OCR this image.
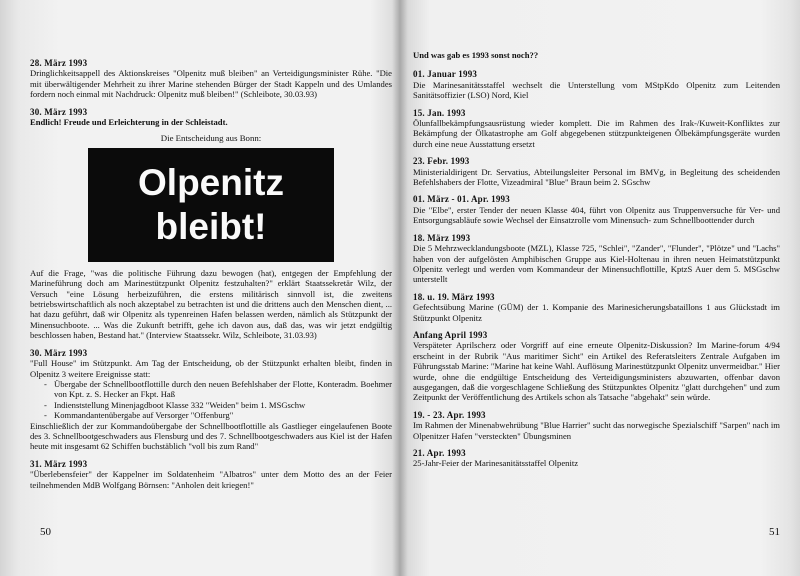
28. März 1993
Dringlichkeitsappell des Aktionskreises "Olpenitz muß bleiben" an Verteidigungsminister Rühe. "Die mit überwältigender Mehrheit zu ihrer Marine stehenden Bürger der Stadt Kappeln und des Umlandes fordern noch einmal mit Nachdruck: Olpenitz muß bleiben!" (Schleibote, 30.03.93)
30. März 1993
Endlich! Freude und Erleichterung in der Schleistadt.
Die Entscheidung aus Bonn:
Olpenitz
bleibt!
Auf die Frage, "was die politische Führung dazu bewogen (hat), entgegen der Empfehlung der Marineführung doch am Marinestützpunkt Olpenitz festzuhalten?" erklärt Staatssekretär Wilz, der Versuch "eine Lösung herbeizuführen, die erstens militärisch sinnvoll ist, die zweitens betriebswirtschaftlich als noch akzeptabel zu betrachten ist und die drittens auch den Menschen dient, ... hat dazu geführt, daß wir Olpenitz als typenreinen Hafen belassen werden, nämlich als Stützpunkt der Minensuchboote. ... Was die Zukunft betrifft, gehe ich davon aus, daß das, was wir jetzt endgültig beschlossen haben, Bestand hat." (Interview Staatssekr. Wilz, Schleibote, 31.03.93)
30. März 1993
"Full House" im Stützpunkt. Am Tag der Entscheidung, ob der Stützpunkt erhalten bleibt, finden in Olpenitz 3 weitere Ereignisse statt:
- Übergabe der Schnellbootflottille durch den neuen Befehlshaber der Flotte, Konteradm. Boehmer von Kpt. z. S. Hecker an Fkpt. Haß
- Indienststellung Minenjagdboot Klasse 332 "Weiden" beim 1. MSGschw
- Kommandantenübergabe auf Versorger "Offenburg"
Einschließlich der zur Kommandoübergabe der Schnellbootflottille als Gastlieger eingelaufenen Boote des 3. Schnellbootgeschwaders aus Flensburg und des 7. Schnellbootgeschwaders aus Kiel ist der Hafen heute mit insgesamt 62 Schiffen buchstäblich "voll bis zum Rand"
31. März 1993
"Überlebensfeier" der Kappelner im Soldatenheim "Albatros" unter dem Motto des an der Feier teilnehmenden MdB Wolfgang Börnsen: "Anholen deit kriegen!"
50
Und was gab es 1993 sonst noch??
01. Januar 1993
Die Marinesanitätsstaffel wechselt die Unterstellung vom MStpKdo Olpenitz zum Leitenden Sanitätsoffizier (LSO) Nord, Kiel
15. Jan. 1993
Ölunfallbekämpfungsausrüstung wieder komplett. Die im Rahmen des Irak-/Kuweit-Konfliktes zur Bekämpfung der Ölkatastrophe am Golf abgegebenen stützpunkteigenen Ölbekämpfungsgeräte wurden durch eine neue Ausstattung ersetzt
23. Febr. 1993
Ministerialdirigent Dr. Servatius, Abteilungsleiter Personal im BMVg, in Begleitung des scheidenden Befehlshabers der Flotte, Vizeadmiral "Blue" Braun beim 2. SGschw
01. März - 01. Apr. 1993
Die "Elbe", erster Tender der neuen Klasse 404, führt von Olpenitz aus Truppenversuche für Ver- und Entsorgungsabläufe sowie Wechsel der Einsatzrolle vom Minensuch- zum Schnellboottender durch
18. März 1993
Die 5 Mehrzwecklandungsboote (MZL), Klasse 725, "Schlei", "Zander", "Flunder", "Plötze" und "Lachs" haben von der aufgelösten Amphibischen Gruppe aus Kiel-Holtenau in ihren neuen Heimatstützpunkt Olpenitz verlegt und werden vom Kommandeur der Minensuchflottille, KptzS Auer dem 5. MSGschw unterstellt
18. u. 19. März 1993
Gefechtsübung Marine (GÜM) der 1. Kompanie des Marinesicherungsbataillons 1 aus Glückstadt im Stützpunkt Olpenitz
Anfang April 1993
Verspäteter Aprilscherz oder Vorgriff auf eine erneute Olpenitz-Diskussion? Im Marine-forum 4/94 erscheint in der Rubrik "Aus maritimer Sicht" ein Artikel des Referatsleiters Zentrale Aufgaben im Führungsstab Marine: "Marine hat keine Wahl. Auflösung Marinestützpunkt Olpenitz unvermeidbar." Hier wurde, ohne die endgültige Entscheidung des Verteidigungsministers abzuwarten, offenbar davon ausgegangen, daß die vorgeschlagene Schließung des Stützpunktes Olpenitz "glatt durchgehen" und zum Zeitpunkt der Veröffentlichung des Artikels schon als Tatsache "abgehakt" sein würde.
19. - 23. Apr. 1993
Im Rahmen der Minenabwehrübung "Blue Harrier" sucht das norwegische Spezialschiff "Sarpen" nach im Olpenitzer Hafen "versteckten" Übungsminen
21. Apr. 1993
25-Jahr-Feier der Marinesanitätsstaffel Olpenitz
51
